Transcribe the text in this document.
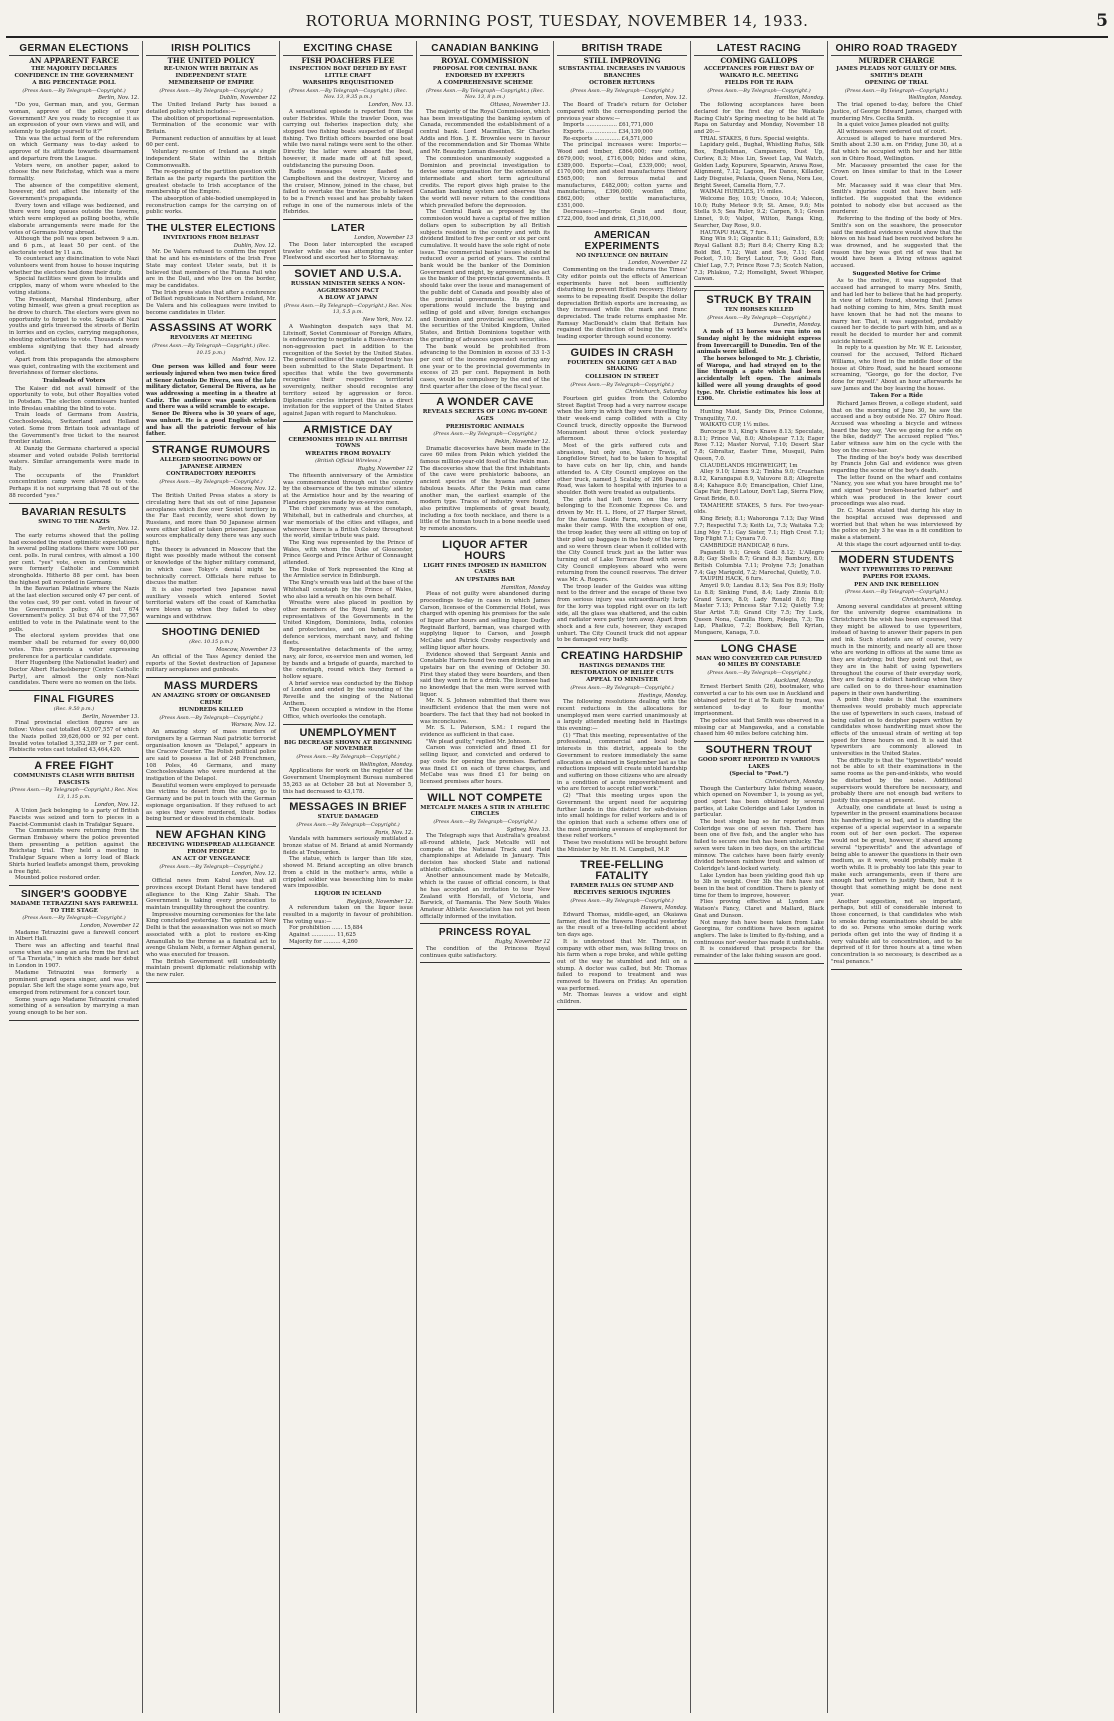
ROTORUA MORNING POST, TUESDAY, NOVEMBER 14, 1933.	5
GERMAN ELECTIONS
AN APPARENT FARCE
THE MAJORITY DECLARES CONFIDENCE IN THE GOVERNMENT
A BIG PERCENTAGE POLL
(Press Assn.—By Telegraph—Copyright.)
Berlin, Nov. 12.

"Do you, German man, and you, German woman, approve of the policy of your Government? Are you ready to recognise it as an expression of your own views and will, and solemnly to pledge yourself to it?"

This was the actual form of the referendum on which Germany was to-day asked to approve of its attitude towards disarmament and departure from the League.

Voters were, on another paper, asked to choose the new Reichstag, which was a mere formality.

The absence of the competitive element, however, did not affect the intensity of the Government's propaganda.

Every town and village was bedizened, and there were long queues outside the taverns, which were employed as polling booths, while elaborate arrangements were made for the votes of Germans living abroad.

Although the poll was open between 9 a.m. and 6 p.m., at least 50 per cent. of the electorate voted by 11 a.m.

To counteract any disinclination to vote Nazi volunteers went from house to house inquiring whether the electors had done their duty.

Special facilities were given to invalids and cripples, many of whom were wheeled to the voting stations.

The President, Marshal Hindenburg, after voting himself, was given a great reception as he drove to church. The electors were given no opportunity to forget to vote. Squads of Nazi youths and girls traversed the streets of Berlin in lorries and on cycles, carrying megaphones, shouting exhortations to vote. Thousands wore emblems signifying that they had already voted.

Apart from this propaganda the atmosphere was quiet, contrasting with the excitement and feverishness of former elections.

Trainloads of Voters

The Kaiser did not avail himself of the opportunity to vote, but other Royalties voted in Potsdam. The election commissars hunted into Breslau enabling the blind to vote.

Train loads of Germans from Austria, Czechoslovakia, Switzerland and Holland voted. Some from Britain took advantage of the Government's free ticket to the nearest frontier station.

At Danzig the Germans chartered a special steamer and voted outside Polish territorial waters. Similar arrangements were made in Italy.

The occupants of the Frankfort concentration camp were allowed to vote. Perhaps it is not surprising that 78 out of the 88 recorded "yes."

BAVARIAN RESULTS
SWING TO THE NAZIS
Berlin, Nov. 12.

The early returns showed that the polling had exceeded the most optimistic expectations. In several polling stations there were 100 per cent. polls. In rural centres, with almost a 100 per cent. "yes" vote, even in centres which were formerly Catholic and Communist strongholds. Hitherto 88 per cent. has been the highest poll recorded in Germany.

In the Bavarian Palatinate where the Nazis at the last election secured only 47 per cent. of the votes cast, 99 per cent. voted in favour of the Government's policy. All but 674 Government's policy. 31 but 674 of the 77,567 entitled to vote in the Palatinate went to the polls.

The electoral system provides that one member shall be returned for every 60,000 votes. This prevents a voter expressing preference for a particular candidate.

Herr Hugenberg (the Nationalist leader) and Doctor Albert Hackelsberger (Centre Catholic Party), are almost the only non-Nazi candidates. There were no women on the lists.

FINAL FIGURES
(Rec. 9.50 p.m.)
Berlin, November 13.

Final provincial election figures are as follow: Votes cast totalled 43,007,557 of which the Nazis polled 39,626,000 or 92 per cent. Invalid votes totalled 3,352,289 or 7 per cent. Plebiscite votes cast totalled 43,464,420.

A FREE FIGHT
COMMUNISTS CLASH WITH BRITISH FASCISTS
(Press Assn.—By Telegraph—Copyright.) Rec. Nov. 13, 1.15 p.m.
London, Nov. 12.

A Union Jack belonging to a party of British Fascists was seized and torn to pieces in a Fascist-Communist clash in Trafalgar Square.

The Communists were returning from the German Embassy where the police prevented them presenting a petition against the Reichstag trial. They held a meeting in Trafalgar Square when a lorry load of Black Shirts hurled leaflets amongst them, provoking a free fight.

Mounted police restored order.

SINGER'S GOODBYE
MADAME TETRAZZINI SAYS FAREWELL TO THE STAGE
(Press Assn.—By Telegraph—Copyright.)
London, November 12

Madame Tetrazzini gave a farewell concert in Albert Hall.

There was an affecting and tearful final scene when she sang an aria from the first act of "La Traviata," in which she made her debut in London in 1907.

Madame Tetrazzini was formerly a prominent grand opera singer, and was very popular. She left the stage some years ago, but emerged from retirement for a concert tour.

Some years ago Madame Tetrazzini created something of a sensation by marrying a man young enough to be her son.

IRISH POLITICS
THE UNITED POLICY
RE-UNION WITH BRITAIN AS INDEPENDENT STATE
MEMBERSHIP OF EMPIRE
(Press Assn.—By Telegraph—Copyright.)
Dublin, November 12

The United Ireland Party has issued a detailed policy which includes:—

The abolition of proportional representation.

Termination of the economic war with Britain.

Permanent reduction of annuities by at least 60 per cent.

Voluntary re-union of Ireland as a single independent State within the British Commonwealth.

The re-opening of the partition question with Britain as the party regards the partition the greatest obstacle to Irish acceptance of the membership of the Empire.

The absorption of able-bodied unemployed in reconstruction camps for the carrying on of public works.

THE ULSTER ELECTIONS
INVITATIONS FROM BELFAST
Dublin, Nov. 12.

Mr. De Valera refused to confirm the report that he and his ex-ministers of the Irish Free State may contest Ulster seats, but it is believed that members of the Fianna Fail who are in the Dail, and who live on the border, may be candidates.

The Irish press states that after a conference of Belfast republicans in Northern Ireland, Mr. De Valera and his colleagues were invited to become candidates in Ulster.

ASSASSINS AT WORK
REVOLVERS AT MEETING
(Press Assn.—By Telegraph—Copyright.) (Rec. 10.15 p.m.)
Madrid, Nov. 12.

One person was killed and four were seriously injured when two men twice fired at Senor Antonio De Rivera, son of the late military dictator, General De Rivera, as he was addressing a meeting in a theatre at Cadiz. The audience was panic stricken and there was a wild scramble to escape.

Senor De Rivera who is 30 years of age, was unhurt. He is a good English scholar and has all the patriotic fervour of his father.

STRANGE RUMOURS
ALLEGED SHOOTING DOWN OF JAPANESE AIRMEN
CONTRADICTORY REPORTS
(Press Assn.—By Telegraph—Copyright.)
Moscow, Nov. 12.

The British United Press states a story is circulating here that six out of nine Japanese aeroplanes which flew over Soviet territory in the Far East recently, were shot down by Russians, and more than 50 Japanese airmen were either killed or taken prisoner. Japanese sources emphatically deny there was any such fight.

The theory is advanced in Moscow that the flight was possibly made without the consent or knowledge of the higher military command, in which case Tokyo's denial might be technically correct. Officials here refuse to discuss the matter.

It is also reported two Japanese naval auxiliary vessels which entered Soviet territorial waters off the coast of Kamchatka were blown up when they failed to obey warnings and withdraw.

SHOOTING DENIED
(Rec. 10.15 p.m.)
Moscow, November 13

An official of the Tass Agency denied the reports of the Soviet destruction of Japanese military aeroplanes and gunboats.

MASS MURDERS
AN AMAZING STORY OF ORGANISED CRIME
HUNDREDS KILLED
(Press Assn.—By Telegraph—Copyright.)
Warsaw, Nov. 12.

An amazing story of mass murders of foreigners by a German Nazi patriotic terrorist organisation known as "Delapol," appears in the Cracow Courier. The Polish political police are said to possess a list of 248 Frenchmen, 108 Poles, 46 Germans, and many Czechoslovakians who were murdered at the instigation of the Delapol.

Beautiful women were employed to persuade the victims to desert from the army, go to Germany and be put in touch with the German espionage organisation. If they refused to act as spies they were murdered, their bodies being burned or dissolved in chemicals.

NEW AFGHAN KING
RECEIVING WIDESPREAD ALLEGIANCE FROM PEOPLE
AN ACT OF VENGEANCE
(Press Assn.—By Telegraph—Copyright.)
London, Nov. 12.

Official news from Kabul says that all provinces except Distant Herat have tendered allegiance to the King Zahir Shah. The Government is taking every precaution to maintain tranquillity throughout the country.

Impressive mourning ceremonies for the late King concluded yesterday. The opinion of New Delhi is that the assassination was not so much associated with a plot to restore ex-King Amanullah to the throne as a fanatical act to avenge Ghulam Nebi, a former Afghan general, who was executed for treason.

The British Government will undoubtedly maintain present diplomatic relationship with the new ruler.

EXCITING CHASE
FISH POACHERS FLEE
INSPECTION BOAT DEFIED BY FAST LITTLE CRAFT
WARSHIPS REQUISITIONED
(Press Assn.—By Telegraph—Copyright.) (Rec. Nov. 13, 9.35 p.m.)
London, Nov. 13.

A sensational episode is reported from the outer Hebrides. While the trawler Doon, was carrying out fisheries inspection duty, she stopped two fishing boats suspected of illegal fishing. Two British officers boarded one boat while two naval ratings were sent to the other. Directly the latter were aboard the boat, however, it made made off at full speed, outdistancing the pursuing Doon.

Radio messages were flashed to Campbeltown and the destroyer, Viceroy and the cruiser, Minnow, joined in the chase, but failed to overtake the trawler. She is believed to be a French vessel and has probably taken refuge in one of the numerous inlets of the Hebrides.

LATER
London, November 13

The Doon later intercepted the escaped trawler while she was attempting to enter Fleetwood and escorted her to Stornaway.

SOVIET AND U.S.A.
RUSSIAN MINISTER SEEKS A NON-AGGRESSION PACT
A BLOW AT JAPAN
(Press Assn.—By Telegraph—Copyright.) Rec. Nov. 13, 5.5 p.m.
New York, Nov. 12.

A Washington despatch says that M. Litvinoff, Soviet Commissar of Foreign Affairs, is endeavouring to negotiate a Russo-American non-aggression pact in addition to the recognition of the Soviet by the United States. The general outline of the suggested treaty has been submitted to the State Department. It specifies that while the two governments recognise their respective territorial sovereignty, neither should recognise any territory seized by aggression or force. Diplomatic circles interpret this as a direct invitation for the support of the United States against Japan with regard to Manchukuo.

ARMISTICE DAY
CEREMONIES HELD IN ALL BRITISH TOWNS
WREATHS FROM ROYALTY
(British Official Wireless.)
Rugby, November 12

The fifteenth anniversary of the Armistice was commemorated through out the country by the observance of the two minutes' silence at the Armistice hour and by the wearing of Flanders poppies made by ex-service men.

The chief ceremony was at the cenotaph, Whitehall, but in cathedrals and churches, at war memorials of the cities and villages, and wherever there is a British Colony throughout the world, similar tribute was paid.

The King was represented by the Prince of Wales, with whom the Duke of Gloucester, Prince George and Prince Arthur of Connaught attended.

The Duke of York represented the King at the Armistice service in Edinburgh.

The King's wreath was laid at the base of the Whitehall cenotaph by the Prince of Wales, who also laid a wreath on his own behalf.

Wreaths were also placed in position by other members of the Royal family, and by representatives of the Governments in the United Kingdom, Dominions, India, colonies and protectorates, and on behalf of the defence services, merchant navy, and fishing fleets.

Representative detachments of the army, navy, air force, ex-service men and women, led by bands and a brigade of guards, marched to the cenotaph, round which they formed a hollow square.

A brief service was conducted by the Bishop of London and ended by the sounding of the Reveille and the singing of the National Anthem.

The Queen occupied a window in the Home Office, which overlooks the cenotaph.

UNEMPLOYMENT
BIG DECREASE SHOWN AT BEGINNING OF NOVEMBER
(Press Assn.—By Telegraph—Copyright.)
Wellington, Monday.

Applications for work on the register of the Government Unemployment Bureau numbered 55,263 as at October 28 but at November 5, this had decreased to 43,178.

MESSAGES IN BRIEF
STATUE DAMAGED
(Press Assn.—By Telegraph—Copyright.)
Paris, Nov. 12.

Vandals with hammers seriously mutilated a bronze statue of M. Briand at amid Normandy fields at Trebeurden.

The statue, which is larger than life size, showed M. Briand accepting an olive branch from a child in the mother's arms, while a crippled soldier was beseeching him to make wars impossible.

LIQUOR IN ICELAND
Reykjavik, November 12.

A referendum taken on the liquor issue resulted in a majority in favour of prohibition. The voting was:—

For prohibition ...... 15,884

Against .............. 11,625

Majority for .......... 4,260

CANADIAN BANKING
ROYAL COMMISSION
PROPOSAL FOR CENTRAL BANK ENDORSED BY EXPERTS
A COMPREHENSIVE SCHEME
(Press Assn.—By Telegraph—Copyright.) (Rec. Nov. 13, 8 p.m.)
Ottawa, November 13.

The majority of the Royal Commission, which has been investigating the banking system of Canada, recommended the establishment of a central bank. Lord Macmillan, Sir Charles Addis and Hon. J. E. Brownlee were in favour of the recommendation and Sir Thomas White and Mr. Beaudry Leman dissented.

The commission unanimously suggested a Dominion and provincial investigation to devise some organisation for the extension of intermediate and short term agricultural credits. The report gives high praise to the Canadian banking system and observes that the world will never return to the conditions which prevailed before the depression.

The Central Bank as proposed by the commission would have a capital of five million dollars open to subscription by all British subjects resident in the country and with its dividend limited to five per cent or six per cent cumulative. It would have the sole right of note issue. The commercial banks' issues should be reduced over a period of years. The central bank would be the banker of the Dominion Government and might, by agreement, also act as the banker of the provincial governments. It should take over the issue and management of the public debt of Canada and possibly also of the provincial governments. Its principal operations would include the buying and selling of gold and silver, foreign exchanges and Dominion and provincial securities, also the securities of the United Kingdom, United States, and British Dominions together with the granting of advances upon such securities.

The bank would be prohibited from advancing to the Dominion in excess of 33 1-3 per cent of the income expended during any one year or to the provincial governments in excess of 25 per cent. Repayment in both cases, would be compulsory by the end of the first quarter after the close of the fiscal year.

A WONDER CAVE
REVEALS SECRETS OF LONG BY-GONE AGES
PREHISTORIC ANIMALS
(Press Assn.—By Telegraph—Copyright.)
Pekin, November 12.

Dramatic discoveries have been made in the cave 60 miles from Pekin which yielded the famous million-year-old fossil of the Pekin man. The discoveries show that the first inhabitants of the cave were prehistoric baboons, an ancient species of the hyaena and other fabulous beasts. After the Pekin man came another man, the earliest example of the modern type. Traces of industry were found, also primitive implements of great beauty, including a fox tooth necklace, and there is a little of the human touch in a bone needle used by remote ancestors.

LIQUOR AFTER HOURS
LIGHT FINES IMPOSED IN HAMILTON CASES
AN UPSTAIRS BAR
Hamilton, Monday

Pleas of not guilty were abandoned during proceedings to-day in cases in which James Carson, licensee of the Commercial Hotel, was charged with opening his premises for the sale of liquor after hours and selling liquor. Dudley Reginald Barford, barman, was charged with supplying liquor to Carson, and Joseph McCabe and Patrick Crosby respectively and selling liquor after hours.

Evidence showed that Sergeant Annis and Constable Harris found two men drinking in an upstairs bar on the evening of October 30. First they stated they were boarders, and then said they went in for a drink. The licensee had no knowledge that the men were served with liquor.

Mr. N. S. Johnson submitted that there was insufficient evidence that the men were not boarders. The fact that they had not booked in was inconclusive.

Mr. S. L. Paterson, S.M.: I regard the evidence as sufficient in that case.

"We plead guilty," replied Mr. Johnson.

Carson was convicted and fined £1 for selling liquor, and convicted and ordered to pay costs for opening the premises. Barford was fined £1 on each of three charges, and McCabe was was fined £1 for being on licensed premises after hours.

WILL NOT COMPETE
METCALFE MAKES A STIR IN ATHLETIC CIRCLES
(Press Assn.—By Telegraph—Copyright.)
Sydney, Nov. 13.

The Telegraph says that Australia's greatest all-round athlete, Jack Metcalfe will not compete at the National Track and Field championships at Adelaide in January. This decision has shocked State and national athletic officials.

Another announcement made by Metcalfe, which is the cause of official concern, is that he has accepted an invitation to tour New Zealand with Horsfall, of Victoria, and Barwick, of Tasmania. The New South Wales Amateur Athletic Association has not yet been officially informed of the invitation.

PRINCESS ROYAL
Rugby, November 12

The condition of the Princess Royal continues quite satisfactory.

BRITISH TRADE
STILL IMPROVING
SUBSTANTIAL INCREASES IN VARIOUS BRANCHES
OCTOBER RETURNS
(Press Assn.—By Telegraph—Copyright.)
London, Nov. 12.

The Board of Trade's return for October compared with the corresponding period the previous year shows:—

Imports .................. £61,771,000

Exports .................. £34,139,000

Re-exports ............... £4,571,000

The principal increases were: Imports:—Wood and timber, £864,000; raw cotton, £679,000; wool, £716,000; hides and skins, £389,000. Exports:—Coal, £339,000; wool, £170,000; iron and steel manufactures thereof £565,000; non ferrous metal and manufactures, £482,000; cotton yarns and manufactures, £396,000; woollen ditto, £862,000; other textile manufactures, £351,000.

Decreases:—Imports: Grain and flour, £722,000, food and drink, £1,516,000.

AMERICAN EXPERIMENTS
NO INFLUENCE ON BRITAIN
London, November 12

Commenting on the trade returns the Times' City editor points out the effects of American experiments have not been sufficiently disturbing to prevent British recovery. History seems to be repeating itself. Despite the dollar depreciation British exports are increasing, as they increased while the mark and franc depreciated. The trade returns emphasise Mr. Ramsay MacDonald's claim that Britain has regained the distinction of being the world's leading exporter through sound economy.

GUIDES IN CRASH
FOURTEEN ON LORRY GET A BAD SHAKING
COLLISION IN STREET
(Press Assn.—By Telegraph—Copyright.)
Christchurch, Saturday

Fourteen girl guides from the Colombo Street Baptist Troop had a very narrow escape when the lorry in which they were travelling to their week-end camp collided with a City Council truck, directly opposite the Burwood Monument about three o'clock yesterday afternoon.

Most of the girls suffered cuts and abrasions, but only one, Nancy Travis, of Longfellow Street, had to be taken to hospital to have cuts on her lip, chin, and hands attended to. A City Council employee on the other truck, named J. Scalsby, of 266 Papanui Road, was taken to hospital with injuries to a shoulder. Both were treated as outpatients.

The girls had left town on the lorry belonging to the Economic Express Co. and driven by Mr. H. L. Hore, of 27 Harper Street, for the Aumoe Guide Farm, where they will make their camp. With the exception of one, the troop leader, they were all sitting on top of their piled up baggage in the body of the lorry, and so were thrown clear when it collided with the City Council truck just as the latter was turning out of Lake Terrace Road with seven City Council employees aboard who were returning from the council reserves. The driver was Mr. A. Rogers.

The troop leader of the Guides was sitting next to the driver and the escape of these two from serious injury was extraordinarily lucky for the lorry was toppled right over on its left side, all the glass was shattered, and the cabin and radiator were partly torn away. Apart from shock and a few cuts, however, they escaped unhurt. The City Council truck did not appear to be damaged very badly.

CREATING HARDSHIP
HASTINGS DEMANDS THE RESTORATION OF RELIEF CUTS
APPEAL TO MINISTER
(Press Assn.—By Telegraph—Copyright.)
Hastings, Monday.

The following resolutions dealing with the recent reductions in the allocations for unemployed men were carried unanimously at a largely attended meeting held in Hastings this evening:—

(1) "That this meeting, representative of the professional, commercial and local body interests in this district, appeals to the Government to restore immediately the same allocation as obtained in September last as the reductions imposed will create untold hardship and suffering on those citizens who are already in a condition of acute impoverishment and who are forced to accept relief work."

(2) "That this meeting urges upon the Government the urgent need for acquiring further lands in this district for sub-division into small holdings for relief workers and is of the opinion that such a scheme offers one of the most promising avenues of employment for these relief workers."

These two resolutions will be brought before the Minister by Mr. H. M. Campbell, M.P.

TREE-FELLING FATALITY
FARMER FALLS ON STUMP AND RECEIVES SERIOUS INJURIES
(Press Assn.—By Telegraph—Copyright.)
Hawera, Monday.

Edward Thomas, middle-aged, an Okaiawa farmer, died in the Hawera Hospital yesterday as the result of a tree-felling accident about ten days ago.

It is understood that Mr. Thomas, in company with other men, was felling trees on his farm when a rope broke, and while getting out of the way he stumbled and fell on a stump. A doctor was called, but Mr. Thomas failed to respond to treatment and was removed to Hawera on Friday. An operation was performed.

Mr. Thomas leaves a widow and eight children.

LATEST RACING
COMING GALLOPS
ACCEPTANCES FOR FIRST DAY OF WAIKATO R.C. MEETING
FIELDS FOR TE RAPA
(Press Assn.—By Telegraph—Copyright.)
Hamilton, Monday.

The following acceptances have been declared for the first day of the Waikato Racing Club's Spring meeting to be held at Te Rapa on Saturday and Monday, November 18 and 20:—

TRIAL STAKES, 6 furs. Special weights.

Lapidary geld., Bughal, Whistling Rufus, Silk Box, Englishman, Campanero, Dust Up, Curlew, 8.3; Miss Lin, Sweet Lap, Val Watch, Golden Lady, Kopurere, Spearwin, Arawa Rose, Alignment, 7.12; Lagoon, Poi Dance, Killader, Lady Disguise, Pelaxia, Queen Nena, Nora Lee, Bright Sweet, Camelia Horn, 7.7.

WAIMAI HURDLES, 1½ miles.

Welcome Boy, 10.9; Unoco, 10.4; Valecon, 10.0; Ruby Meteor 9.9; St. Amee, 9.6; Mis Stella 9.5; Sea Ruler, 9.2; Carpen, 9.1; Green Linnet, 9.0; Valpol, Wilton, Ranga King, Searcher, Day Rose, 9.0.

HAUTAPU HACK, 7 furs.

King Win 9.1; Gigantic 8.11; Gainsford, 8.9; Royal Gallant 8.5; Ruri 8.4; Cherry King 8.3; Bold Bid, 7.12; Wait and See, 7.11; Gold Pocket, 7.10; Beryl Latour, 7.9; Good Run, Chief Lap, 7.7; Prince Rose 7.5; Scotch Nation, 7.3; Phlakuo, 7.2; Homelight, Sweet Whisper, Cawan.

STRUCK BY TRAIN
TEN HORSES KILLED
(Press Assn.—By Telegraph—Copyright.)
Dunedin, Monday.

A mob of 13 horses was run into on Sunday night by the midnight express from Invercargill to Dunedin. Ten of the animals were killed.

The horses belonged to Mr. J. Christie, of Waropa, and had strayed on to the line through a gate which had been accidentally left open. The animals killed were all young draughts of good type. Mr. Christie estimates his loss at £300.

Hunting Maid, Sandy Dix, Prince Colonne, Tranquility, 7.0.

WAIKATO CUP, 1½ miles.

Burcocpe 9.1, King's Knave 8.13; Speculate, 8.11; Prince Val, 8.0; Atholspear 7.13; Eager Rose 7.12; Master Norval, 7.10; Desert Star 7.8; Gibraltar, Easter Time, Musquil, Palm Queen, 7.0.

CLAUDELANDS HIGHWEIGHT, 1m

Alley 9.10; Limex 9.2; Tinkha 9.0; Cruachan 8.12, Karangapai 8.9, Valuvore 8.8; Allegrette 8.4; Kahapuce 8.0; Emancipation, Chief Line, Cape Fair, Beryl Latour, Don't Lap, Sierra Flow, Great Bride, 8.0.

TAMAHERE STAKES, 5 furs. For two-year-olds.

King Briefy, 8.1; Wahoronga 7.13; Day Wind 7.7; Respectful 7.3; Keith Lu, 7.3; Waitaka 7.3; Ling Moy 7.1; Gay Sister, 7.1; High Crest 7.1; Top Flight 7.1; Cynara 7.0.

CAMBRIDGE HANDICAP, 6 furs.

Paganelli 9.1; Greek Gold 8.12; L'Allegro 8.8; Gay Shells 8.7; Grand 8.3; Bambury, 8.0; British Columbia 7.11; Prolyne 7.5; Jonathan 7.4; Gay Marigold, 7.2; Marechal, Quietly, 7.0.

TAUPIRI HACK, 6 furs.

Amyril 9.0; Landau 8.13; Sea Fox 8.9; Holly Lu 8.8; Sinking Fund, 8.4; Lady Zinnia 8.0; Grand Score, 8.0; Lady Ronald 8.0; Ring Master 7.13; Princess Star 7.12; Quietly 7.9; Star Artist 7.8; Grand City 7.5; Try Luck, Queen Nona, Camilla Horn, Felegia, 7.3; Tin Lap, Phalkuo, 7.2; Bookbaw, Bell Kyrian, Mungaere, Kanaga, 7.0.

LONG CHASE
MAN WHO CONVERTED CAR PURSUED 40 MILES BY CONSTABLE
(Press Assn.—By Telegraph—Copyright.)
Auckland, Monday.

Ernest Herbert Smith (26), bootmaker, who converted a car to his own use in Auckland and obtained petrol for it at Te Kuiti by fraud, was sentenced to-day to four months' imprisonment.

The police said that Smith was observed in a missing car at Mangaweka, and a constable chased him 40 miles before catching him.

SOUTHERN TROUT
GOOD SPORT REPORTED IN VARIOUS LAKES
(Special to "Post.")
Christchurch, Monday

Though the Canterbury lake fishing season, which opened on November 1, is young as yet, good sport has been obtained by several parties, at Lake Coleridge and Lake Lyndon in particular.

The best single bag so far reported from Coleridge was one of seven fish. There has been one of five fish, and the angler who has failed to secure one fish has been unlucky. The seven were taken in two days, on the artificial minnow. The catches have been fairly evenly divided between rainbow trout and salmon of Coleridge's land-locked variety.

Lake Lyndon has been yielding good fish up to 3lb in weight. Over 3lb the fish have not been in the best of condition. There is plenty of time for them to improve, however.

Flies proving effective at Lyndon are Watson's Fancy, Claret and Mallard, Black Gnat and Dunson.

Not many fish have been taken from Lake Georgina, for conditions have been against anglers. The lake is limited to fly-fishing, and a continuous nor'-wester has made it unfishable.

It is considered that prospects for the remainder of the lake fishing season are good.

OHIRO ROAD TRAGEDY
MURDER CHARGE
JAMES PLEADS NOT GUILTY OF MRS. SMITH'S DEATH
OPENING OF TRIAL
(Press Assn.—By Telegraph—Copyright.)
Wellington, Monday.

The trial opened to-day, before the Chief Justice, of George Edward James, charged with murdering Mrs. Cecilia Smith.

In a quiet voice James pleaded not guilty.

All witnesses were ordered out of court.

Accused is alleged to have murdered Mrs. Smith about 2.30 a.m. on Friday, June 30, at a flat which he occupied with her and her little son in Ohiro Road, Wellington.

Mr. Macassey presented the case for the Crown on lines similar to that in the Lower Court.

Mr. Macassey said it was clear that Mrs. Smith's injuries could not have been self-inflicted. He suggested that the evidence pointed to nobody else but accused as the murderer.

Referring to the finding of the body of Mrs. Smith's son on the seashore, the prosecutor said the medical evidence would show that the blows on his head had been received before he was drowned, and he suggested that the reason the boy was got rid of was that he would have been a living witness against accused.

Suggested Motive for Crime

As to the motive, it was suggested that accused had arranged to marry Mrs. Smith, and had led her to believe that he had property. In view of letters found, showing that James had nothing coming to him, Mrs. Smith must have known that he had not the means to marry her. That, it was suggested, probably caused her to decide to part with him, and as a result he decided to murder her and commit suicide himself.

In reply to a question by Mr. W. E. Leicester, counsel for the accused, Telford Richard Williams, who lived in the middle floor of the house at Ohiro Road, said he heard someone screaming, "George, go for the doctor, I've done for myself." About an hour afterwards he saw James and the boy leaving the house.

Taken For a Ride

Richard James Brown, a college student, said that on the morning of June 30, he saw the accused and a boy outside No. 27 Ohiro Road. Accused was wheeling a bicycle and witness heard the boy say, "Are we going for a ride on the bike, daddy?" The accused replied "Yes." Later witness saw him on the cycle with the boy on the cross-bar.

The finding of the boy's body was described by Francis John Gal and evidence was given regarding the scene of the boy's death.

The letter found on the wharf and contains "Nancy, you see what you have brought me to" and signed "your broken-hearted father" and which was produced in the lower court proceedings was also read.

Dr. C. Macon stated that during his stay in the hospital accused was depressed and worried but that when he was interviewed by the police on July 3 he was in a fit condition to make a statement.

At this stage the court adjourned until to-day.

MODERN STUDENTS
WANT TYPEWRITERS TO PREPARE PAPERS FOR EXAMS.
PEN AND INK REBELLION
(Press Assn.—By Telegraph—Copyright.)
Christchurch, Monday.

Among several candidates at present sitting for the university degree examinations in Christchurch the wish has been expressed that they might be allowed to use typewriters, instead of having to answer their papers in pen and ink. Such students are of course, very much in the minority, and nearly all are those who are working in offices at the same time as they are studying; but they point out that, as they are in the habit of using typewriters throughout the course of their everyday work, they are facing a distinct handicap when they are called on to do three-hour examination papers in their own handwriting.

A point they make is that the examiners themselves would probably much appreciate the use of typewriters in such cases, instead of being called on to decipher papers written by candidates whose handwriting must show the effects of the unusual strain of writing at top speed for three hours on end. It is said that typewriters are commonly allowed in universities in the United States.

The difficulty is that the "typewritists" would not be able to sit their examinations in the same rooms as the pen-and-inkists, who would be disturbed by the noise. Additional supervisors would therefore be necessary, and probably there are not enough bad writers to justify this expense at present.

Actually, one candidate at least is using a typewriter in the present examinations because his handwriting is so bad, and is standing the expense of a special supervisor in a separate room out of her own pocket. The expense would not be great, however, if shared among several "typewritists" and the advantage of being able to answer the questions in their own medium, as it were, would probably make it worth while. It is probably too late this year to make such arrangements, even if there are enough bad writers to justify them, but it is thought that something might be done next year.

Another suggestion, not so important, perhaps, but still of considerable interest to those concerned, is that candidates who wish to smoke during examinations should be able to do so. Persons who smoke during work periods often get into the way of finding it a very valuable aid to concentration, and to be deprived of it for three hours at a time when concentration is so necessary, is described as a "real penance."
